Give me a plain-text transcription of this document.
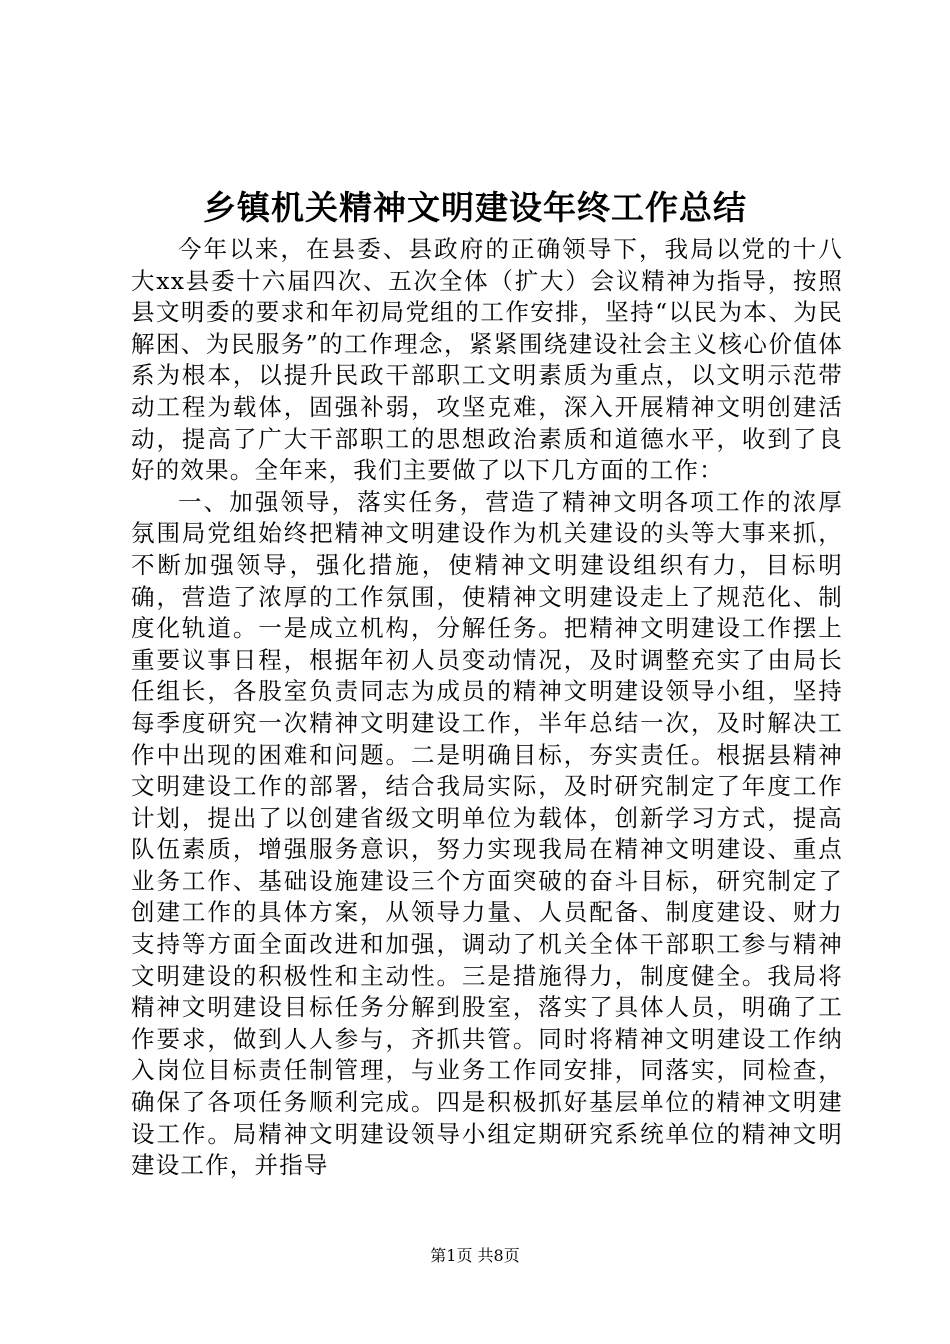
乡镇机关精神文明建设年终工作总结

今年以来，在县委、县政府的正确领导下，我局以党的十八大xx县委十六届四次、五次全体（扩大）会议精神为指导，按照县文明委的要求和年初局党组的工作安排，坚持“以民为本、为民解困、为民服务”的工作理念，紧紧围绕建设社会主义核心价值体系为根本，以提升民政干部职工文明素质为重点，以文明示范带动工程为载体，固强补弱，攻坚克难，深入开展精神文明创建活动，提高了广大干部职工的思想政治素质和道德水平，收到了良好的效果。全年来，我们主要做了以下几方面的工作：

一、加强领导，落实任务，营造了精神文明各项工作的浓厚氛围局党组始终把精神文明建设作为机关建设的头等大事来抓，不断加强领导，强化措施，使精神文明建设组织有力，目标明确，营造了浓厚的工作氛围，使精神文明建设走上了规范化、制度化轨道。一是成立机构，分解任务。把精神文明建设工作摆上重要议事日程，根据年初人员变动情况，及时调整充实了由局长任组长，各股室负责同志为成员的精神文明建设领导小组，坚持每季度研究一次精神文明建设工作，半年总结一次，及时解决工作中出现的困难和问题。二是明确目标，夯实责任。根据县精神文明建设工作的部署，结合我局实际，及时研究制定了年度工作计划，提出了以创建省级文明单位为载体，创新学习方式，提高队伍素质，增强服务意识，努力实现我局在精神文明建设、重点业务工作、基础设施建设三个方面突破的奋斗目标，研究制定了创建工作的具体方案，从领导力量、人员配备、制度建设、财力支持等方面全面改进和加强，调动了机关全体干部职工参与精神文明建设的积极性和主动性。三是措施得力，制度健全。我局将精神文明建设目标任务分解到股室，落实了具体人员，明确了工作要求，做到人人参与，齐抓共管。同时将精神文明建设工作纳入岗位目标责任制管理，与业务工作同安排，同落实，同检查，确保了各项任务顺利完成。四是积极抓好基层单位的精神文明建设工作。局精神文明建设领导小组定期研究系统单位的精神文明建设工作，并指导

第1页 共8页
